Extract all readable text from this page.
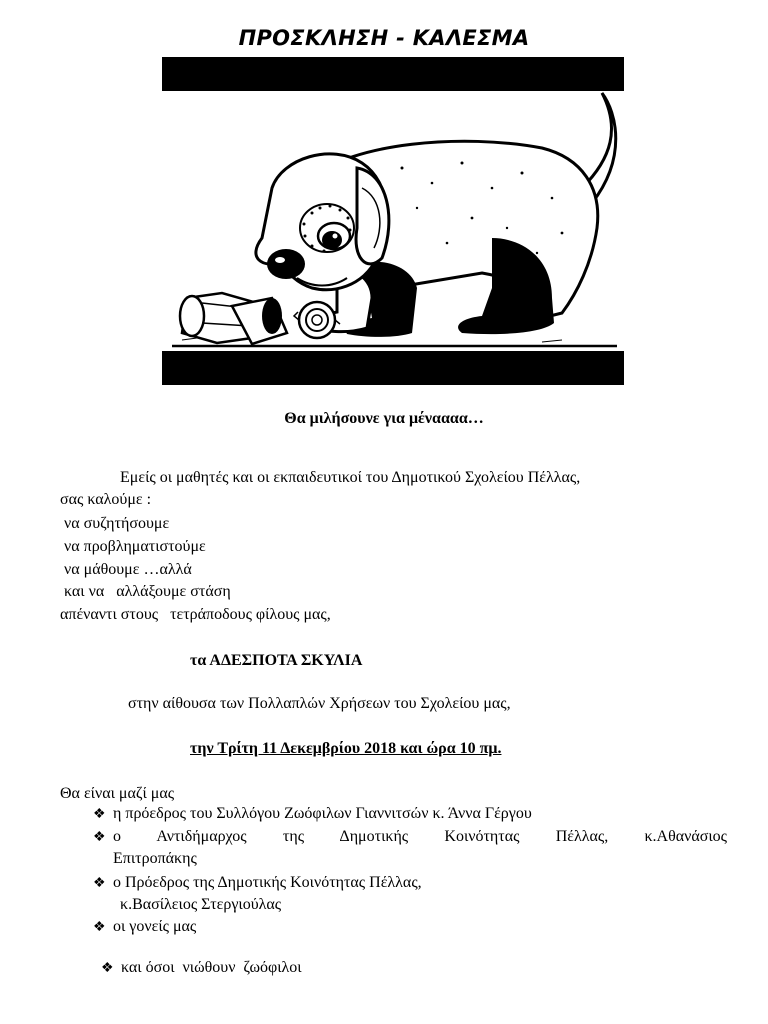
ΠΡΟΣΚΛΗΣΗ - ΚΑΛΕΣΜΑ
Θα μιλήσουνε για μέναααα…
Εμείς οι μαθητές και οι εκπαιδευτικοί του Δημοτικού Σχολείου Πέλλας,
σας καλούμε :
να συζητήσουμε
να προβληματιστούμε
να μάθουμε …αλλά
και να   αλλάξουμε στάση
απέναντι στους   τετράποδους φίλους μας,
τα ΑΔΕΣΠΟΤΑ ΣΚΥΛΙΑ
στην αίθουσα των Πολλαπλών Χρήσεων του Σχολείου μας,
την Τρίτη 11 Δεκεμβρίου 2018 και ώρα 10 πμ.
Θα είναι μαζί μας
❖ η πρόεδρος του Συλλόγου Ζωόφιλων Γιαννιτσών κ. Άννα Γέργου
❖ ο Αντιδήμαρχος της Δημοτικής Κοινότητας Πέλλας, κ.Αθανάσιος
Επιτροπάκης
❖ ο Πρόεδρος της Δημοτικής Κοινότητας Πέλλας,
κ.Βασίλειος Στεργιούλας
❖ οι γονείς μας

❖ και όσοι  νιώθουν  ζωόφιλοι
